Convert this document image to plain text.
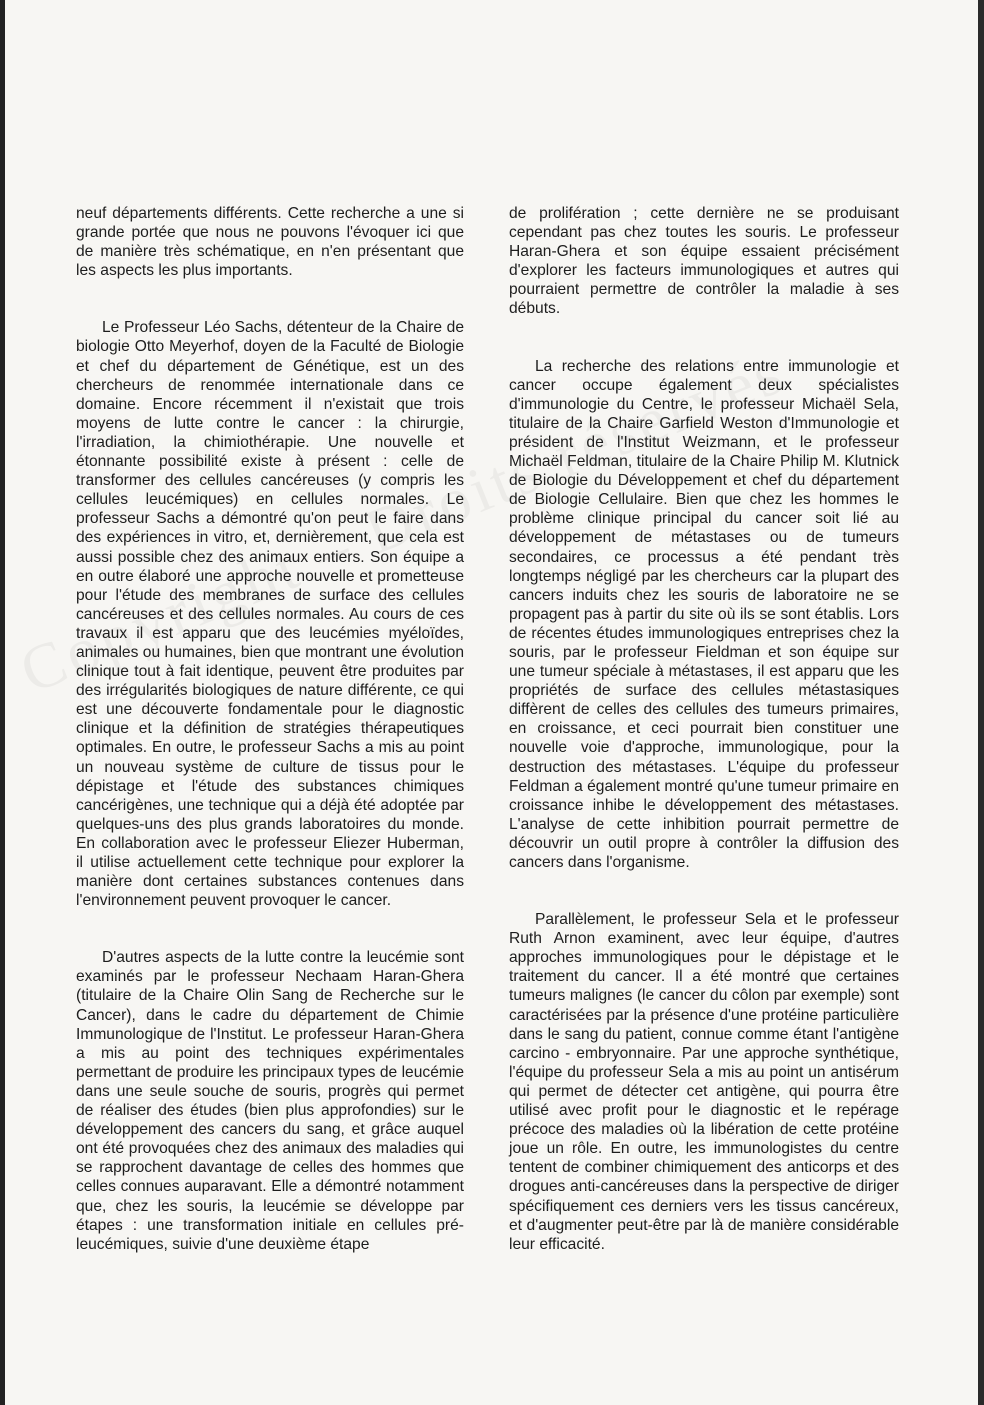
neuf départements différents. Cette recherche a une si grande portée que nous ne pouvons l'évoquer ici que de manière très schématique, en n'en présentant que les aspects les plus importants.

Le Professeur Léo Sachs, détenteur de la Chaire de biologie Otto Meyerhof, doyen de la Faculté de Biologie et chef du département de Génétique, est un des chercheurs de renommée internationale dans ce domaine. Encore récemment il n'existait que trois moyens de lutte contre le cancer : la chirurgie, l'irradiation, la chimiothérapie. Une nouvelle et étonnante possibilité existe à présent : celle de transformer des cellules cancéreuses (y compris les cellules leucémiques) en cellules normales. Le professeur Sachs a démontré qu'on peut le faire dans des expériences in vitro, et, dernièrement, que cela est aussi possible chez des animaux entiers. Son équipe a en outre élaboré une approche nouvelle et prometteuse pour l'étude des membranes de surface des cellules cancéreuses et des cellules normales. Au cours de ces travaux il est apparu que des leucémies myéloïdes, animales ou humaines, bien que montrant une évolution clinique tout à fait identique, peuvent être produites par des irrégularités biologiques de nature différente, ce qui est une découverte fondamentale pour le diagnostic clinique et la définition de stratégies thérapeutiques optimales. En outre, le professeur Sachs a mis au point un nouveau système de culture de tissus pour le dépistage et l'étude des substances chimiques cancérigènes, une technique qui a déjà été adoptée par quelques-uns des plus grands laboratoires du monde. En collaboration avec le professeur Eliezer Huberman, il utilise actuellement cette technique pour explorer la manière dont certaines substances contenues dans l'environnement peuvent provoquer le cancer.

D'autres aspects de la lutte contre la leucémie sont examinés par le professeur Nechaam Haran-Ghera (titulaire de la Chaire Olin Sang de Recherche sur le Cancer), dans le cadre du département de Chimie Immunologique de l'Institut. Le professeur Haran-Ghera a mis au point des techniques expérimentales permettant de produire les principaux types de leucémie dans une seule souche de souris, progrès qui permet de réaliser des études (bien plus approfondies) sur le développement des cancers du sang, et grâce auquel ont été provoquées chez des animaux des maladies qui se rapprochent davantage de celles des hommes que celles connues auparavant. Elle a démontré notamment que, chez les souris, la leucémie se développe par étapes : une transformation initiale en cellules pré-leucémiques, suivie d'une deuxième étape

de prolifération ; cette dernière ne se produisant cependant pas chez toutes les souris. Le professeur Haran-Ghera et son équipe essaient précisément d'explorer les facteurs immunologiques et autres qui pourraient permettre de contrôler la maladie à ses débuts.

La recherche des relations entre immunologie et cancer occupe également deux spécialistes d'immunologie du Centre, le professeur Michaël Sela, titulaire de la Chaire Garfield Weston d'Immunologie et président de l'Institut Weizmann, et le professeur Michaël Feldman, titulaire de la Chaire Philip M. Klutnick de Biologie du Développement et chef du département de Biologie Cellulaire. Bien que chez les hommes le problème clinique principal du cancer soit lié au développement de métastases ou de tumeurs secondaires, ce processus a été pendant très longtemps négligé par les chercheurs car la plupart des cancers induits chez les souris de laboratoire ne se propagent pas à partir du site où ils se sont établis. Lors de récentes études immunologiques entreprises chez la souris, par le professeur Fieldman et son équipe sur une tumeur spéciale à métastases, il est apparu que les propriétés de surface des cellules métastasiques diffèrent de celles des cellules des tumeurs primaires, en croissance, et ceci pourrait bien constituer une nouvelle voie d'approche, immunologique, pour la destruction des métastases. L'équipe du professeur Feldman a également montré qu'une tumeur primaire en croissance inhibe le développement des métastases. L'analyse de cette inhibition pourrait permettre de découvrir un outil propre à contrôler la diffusion des cancers dans l'organisme.

Parallèlement, le professeur Sela et le professeur Ruth Arnon examinent, avec leur équipe, d'autres approches immunologiques pour le dépistage et le traitement du cancer. Il a été montré que certaines tumeurs malignes (le cancer du côlon par exemple) sont caractérisées par la présence d'une protéine particulière dans le sang du patient, connue comme étant l'antigène carcino - embryonnaire. Par une approche synthétique, l'équipe du professeur Sela a mis au point un antisérum qui permet de détecter cet antigène, qui pourra être utilisé avec profit pour le diagnostic et le repérage précoce des maladies où la libération de cette protéine joue un rôle. En outre, les immunologistes du centre tentent de combiner chimiquement des anticorps et des drogues anti-cancéreuses dans la perspective de diriger spécifiquement ces derniers vers les tissus cancéreux, et d'augmenter peut-être par là de manière considérable leur efficacité.
